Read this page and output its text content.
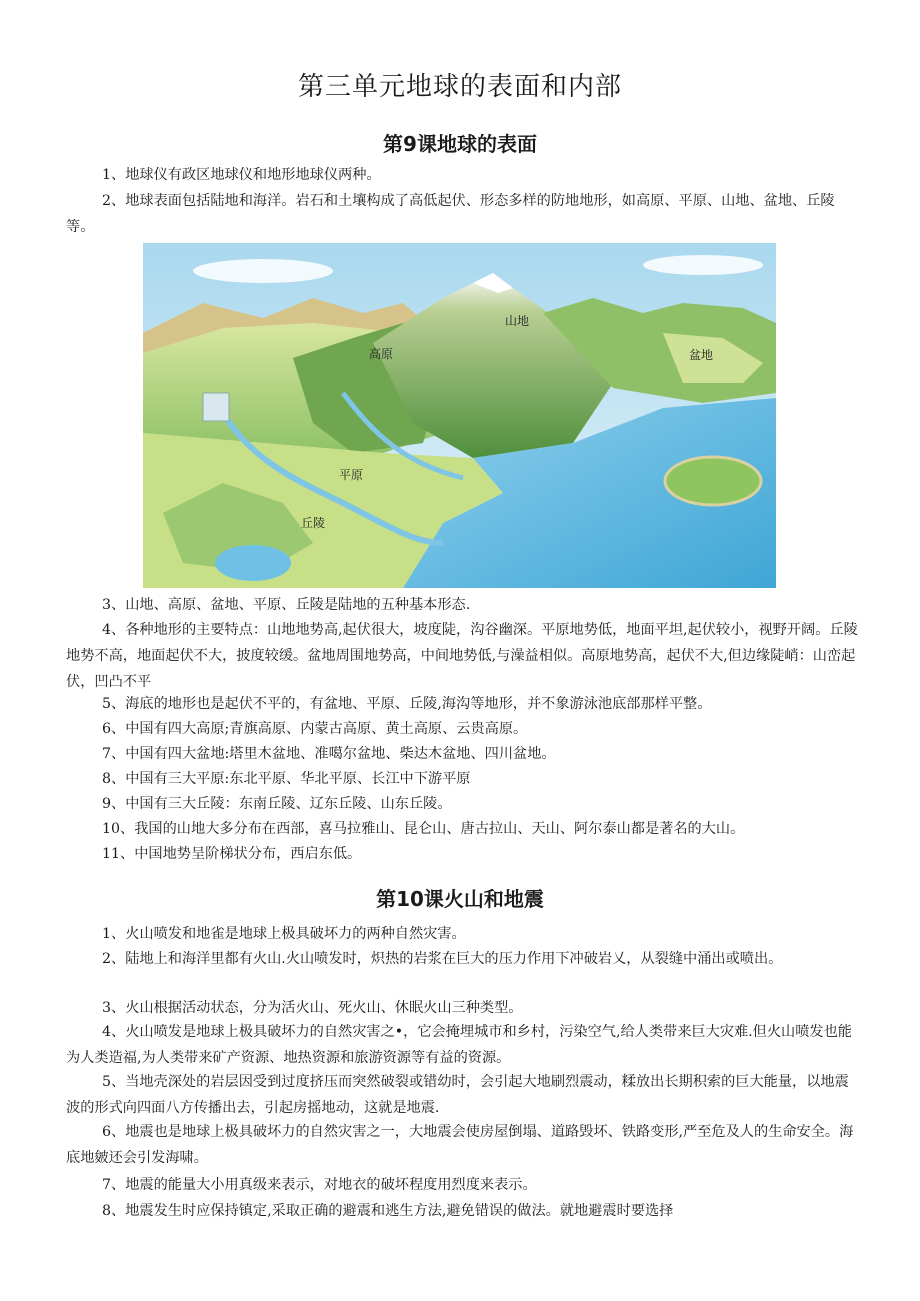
第三单元地球的表面和内部
第9课地球的表面

1、地球仪有政区地球仪和地形地球仪两种。

2、地球表面包括陆地和海洋。岩石和土壤构成了高低起伏、形态多样的防地地形，如高原、平原、山地、盆地、丘陵等。

山地
高原	盆地
平原
丘陵

3、山地、高原、盆地、平原、丘陵是陆地的五种基本形态.

4、各种地形的主要特点：山地地势高,起伏很大，坡度陡，沟谷幽深。平原地势低，地面平坦,起伏较小，视野开阔。丘陵地势不高，地面起伏不大，披度较缓。盆地周围地势高，中间地势低,与澡益相似。高原地势高，起伏不大,但边缘陡峭：山峦起伏，凹凸不平

5、海底的地形也是起伏不平的，有盆地、平原、丘陵,海沟等地形，并不象游泳池底部那样平整。

6、中国有四大高原;青旗高原、内蒙古高原、黄土高原、云贵高原。

7、中国有四大盆地:塔里木盆地、准噶尔盆地、柴达木盆地、四川盆地。

8、中国有三大平原:东北平原、华北平原、长江中下游平原

9、中国有三大丘陵：东南丘陵、辽东丘陵、山东丘陵。

10、我国的山地大多分布在西部，喜马拉雅山、昆仑山、唐古拉山、天山、阿尔泰山都是著名的大山。

11、中国地势呈阶梯状分布，西启东低。

第10课火山和地震

1、火山喷发和地雀是地球上极具破坏力的两种自然灾害。

2、陆地上和海洋里都有火山.火山喷发时，炽热的岩浆在巨大的压力作用下冲破岩乂，从裂缝中涌出或喷出。

3、火山根据活动状态，分为活火山、死火山、休眠火山三种类型。

4、火山喷发是地球上极具破坏力的自然灾害之•，它会掩埋城市和乡村，污染空气,给人类带来巨大灾难.但火山喷发也能为人类造福,为人类带来矿产资源、地热资源和旅游资源等有益的资源。

5、当地壳深处的岩层因受到过度挤压而突然破裂或错幼时，会引起大地刷烈震动，糅放出长期积索的巨大能量，以地震波的形式向四面八方传播出去，引起房摇地动，这就是地震.

6、地震也是地球上极具破坏力的自然灾害之一，大地震会使房屋倒塌、道路毁坏、铁路变形,严至危及人的生命安全。海底地皴还会引发海啸。

7、地震的能量大小用真级来表示，对地衣的破坏程度用烈度来表示。

8、地震发生时应保持镇定,采取正确的避震和逃生方法,避免错误的做法。就地避震时要选择
